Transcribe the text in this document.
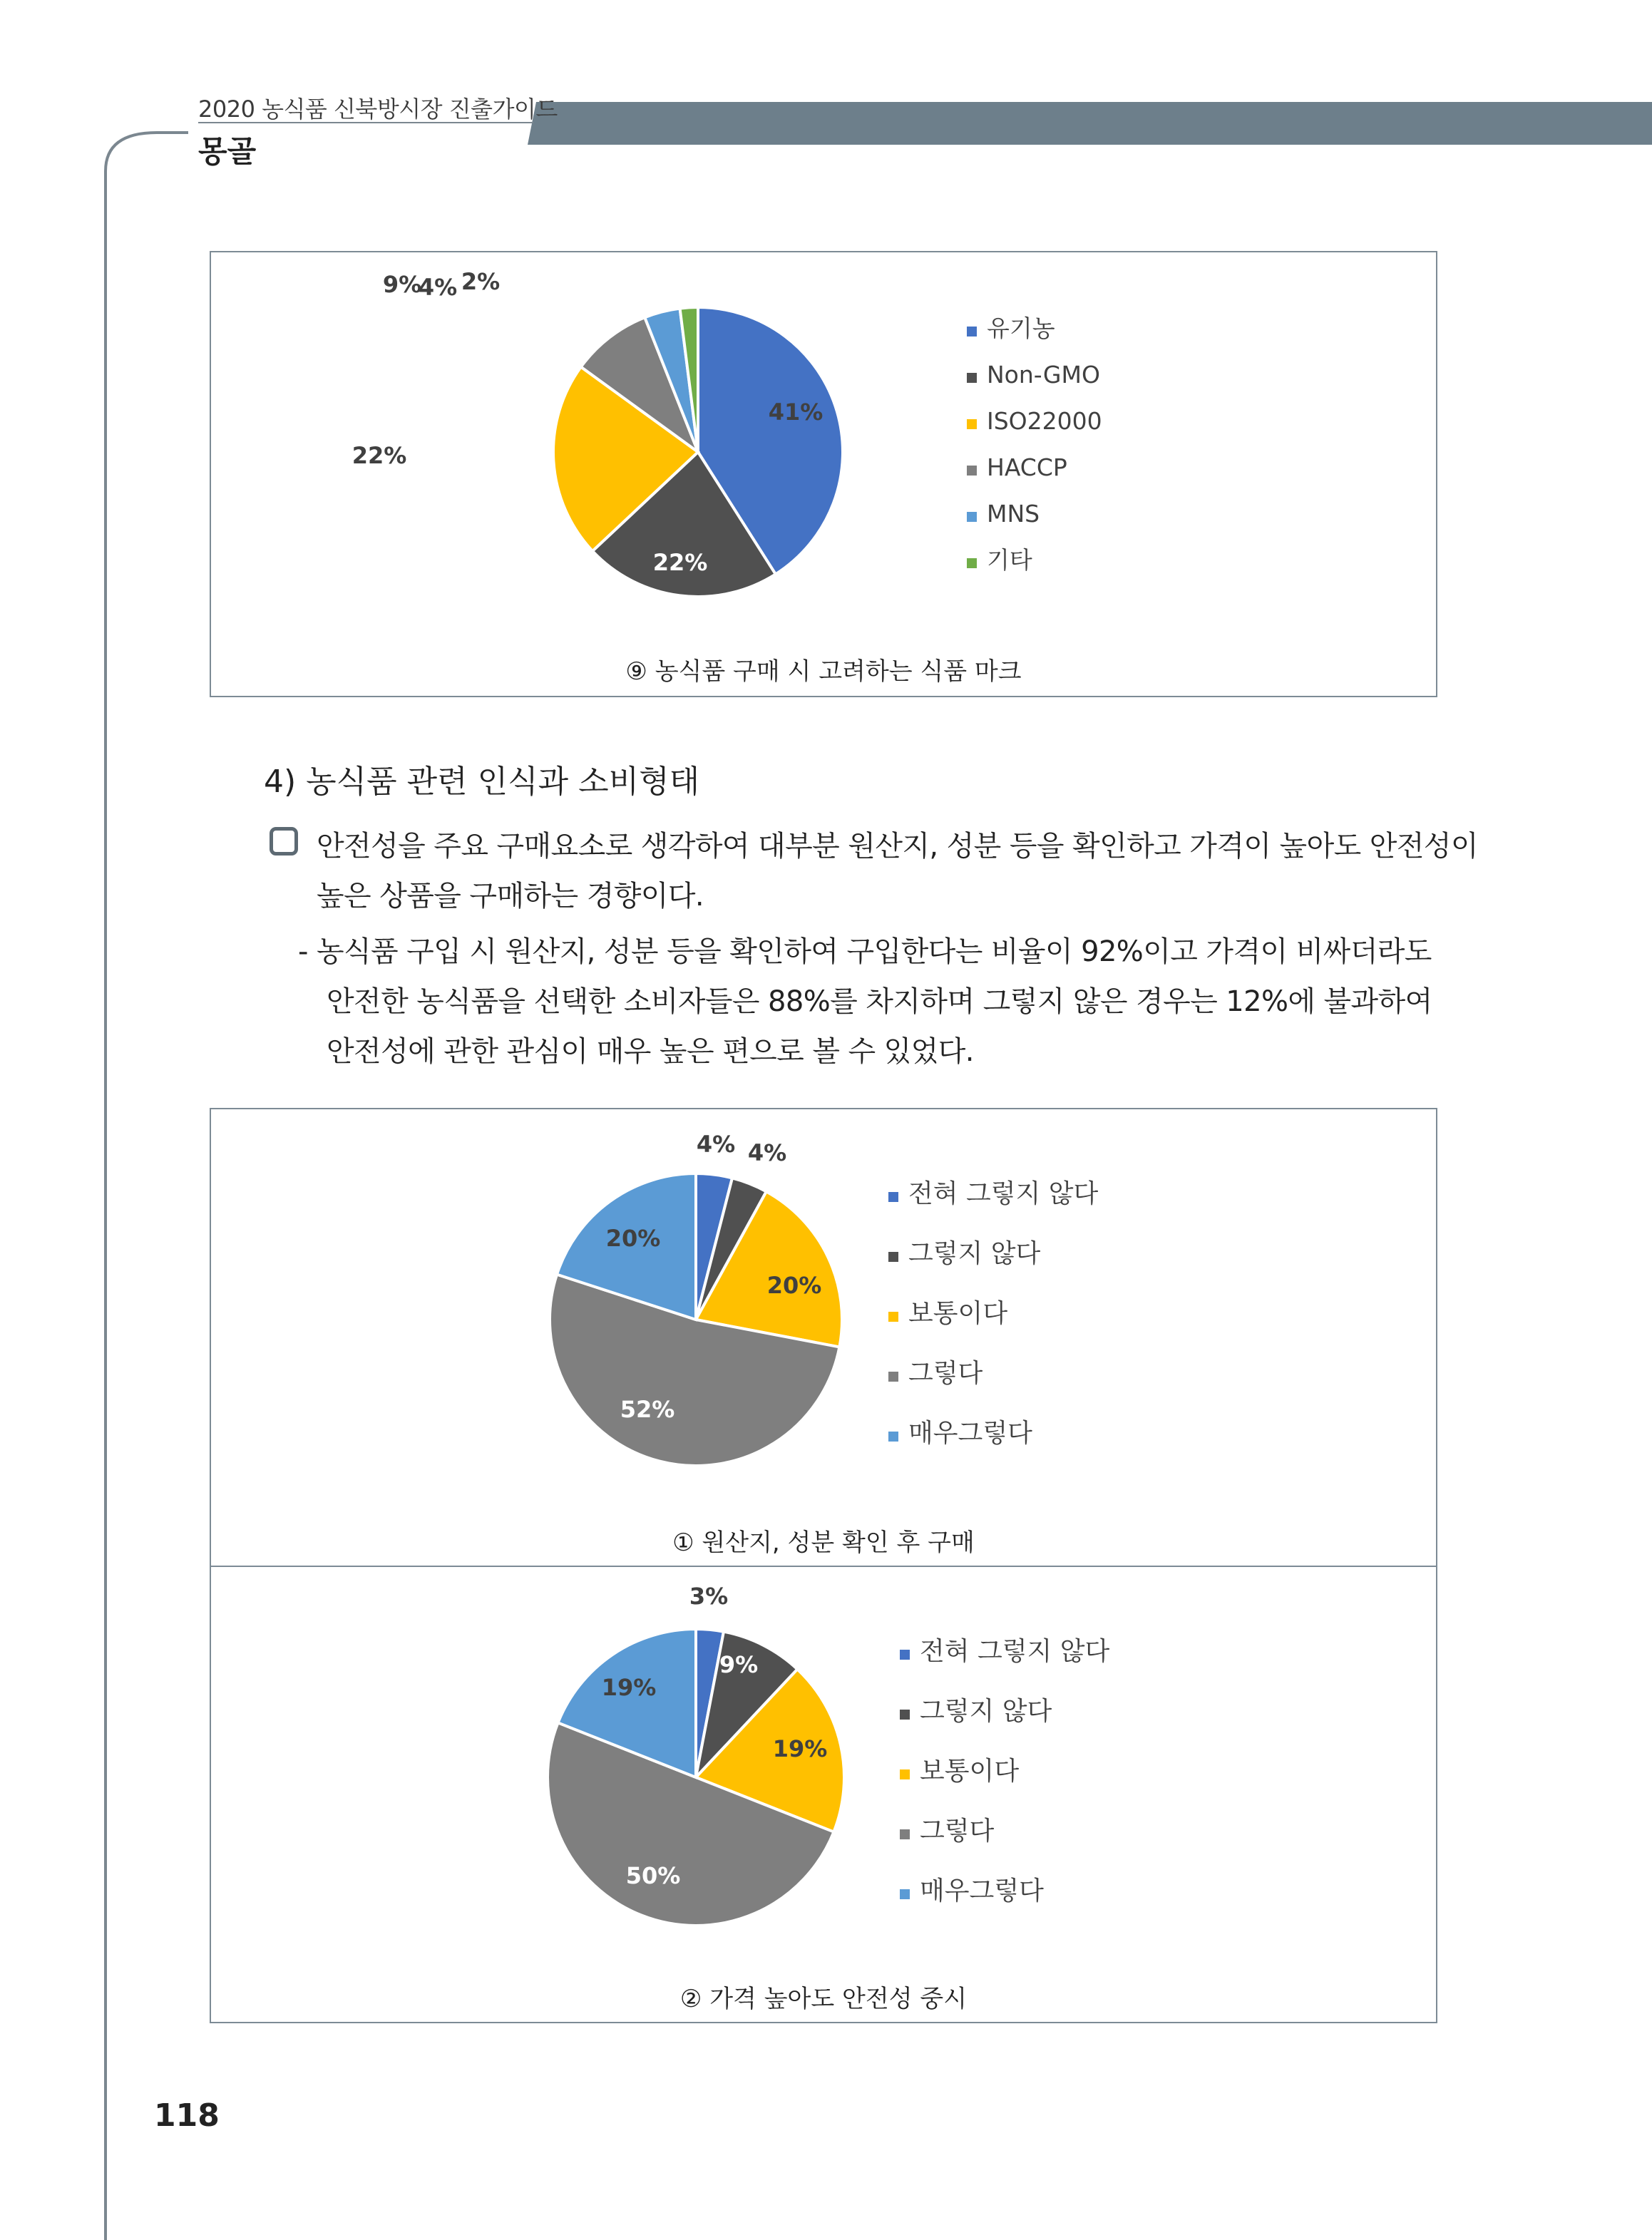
2020 농식품 신북방시장 진출가이드
몽골
41%
22%
22%
9%
4% 2%
유기농
Non-GMO
ISO22000
HACCP
MNS
기타
⑨ 농식품 구매 시 고려하는 식품 마크
4) 농식품 관련 인식과 소비형태
안전성을 주요 구매요소로 생각하여 대부분 원산지, 성분 등을 확인하고 가격이 높아도 안전성이
높은 상품을 구매하는 경향이다.
- 농식품 구입 시 원산지, 성분 등을 확인하여 구입한다는 비율이 92%이고 가격이 비싸더라도
안전한 농식품을 선택한 소비자들은 88%를 차지하며 그렇지 않은 경우는 12%에 불과하여
안전성에 관한 관심이 매우 높은 편으로 볼 수 있었다.
4% 4%
20%
52%
20%
전혀 그렇지 않다
그렇지 않다
보통이다
그렇다
매우그렇다
① 원산지, 성분 확인 후 구매
3%
9%
19%
50%
19%
전혀 그렇지 않다
그렇지 않다
보통이다
그렇다
매우그렇다
② 가격 높아도 안전성 중시
118
